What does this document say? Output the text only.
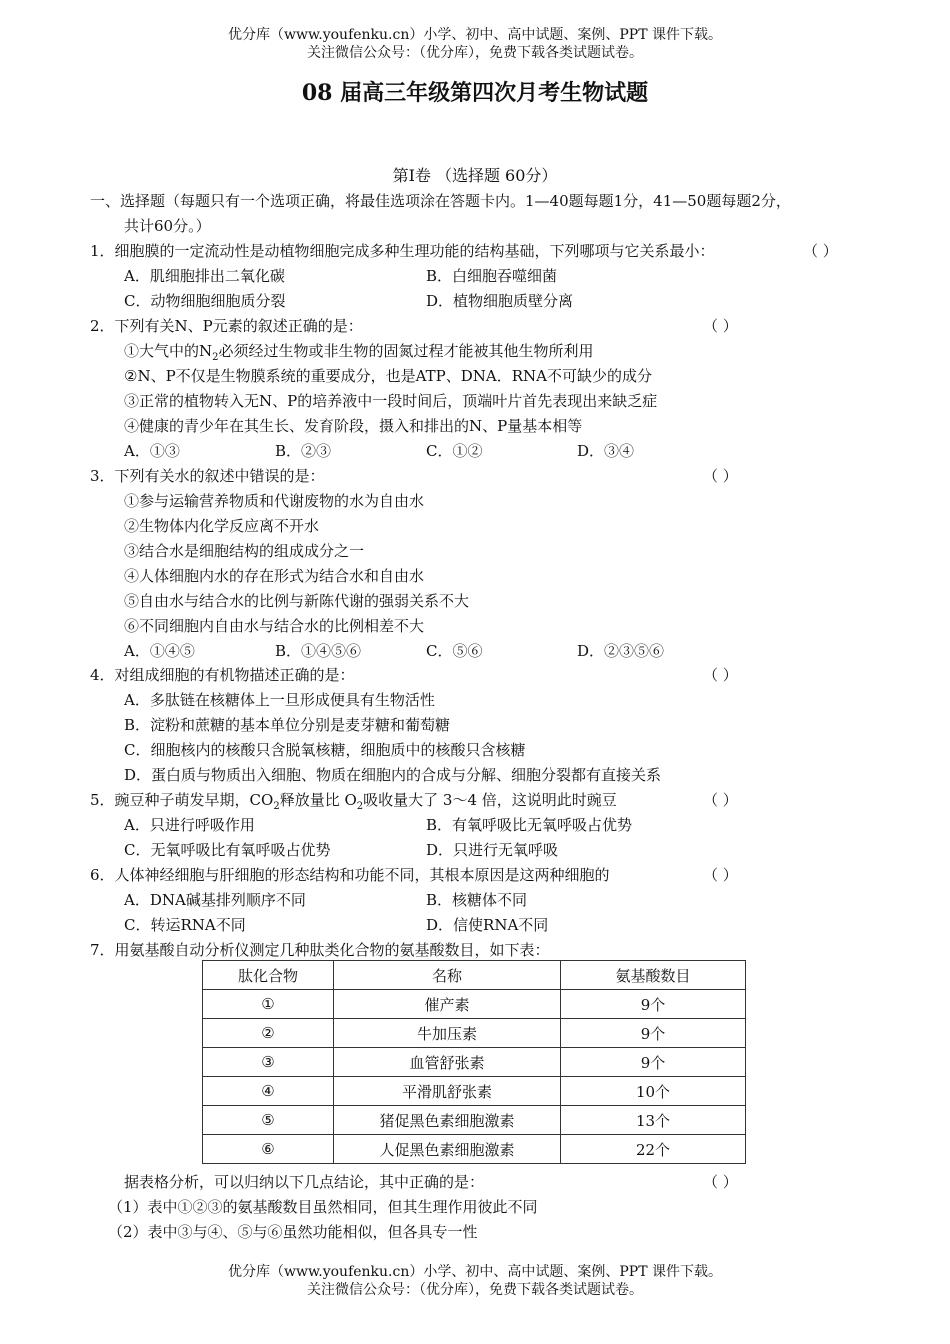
优分库（www.youfenku.cn）小学、初中、高中试题、案例、PPT 课件下载。
关注微信公众号：（优分库），免费下载各类试题试卷。
08 届高三年级第四次月考生物试题
第Ⅰ卷 （选择题 60分）
一、选择题（每题只有一个选项正确，将最佳选项涂在答题卡内。1—40题每题1分，41—50题每题2分，
共计60分。）
1．细胞膜的一定流动性是动植物细胞完成多种生理功能的结构基础，下列哪项与它关系最小：	（ ）
A．肌细胞排出二氧化碳	B．白细胞吞噬细菌
C．动物细胞细胞质分裂	D．植物细胞质壁分离
2．下列有关N、P元素的叙述正确的是：	（ ）
①大气中的$N_2$必须经过生物或非生物的固氮过程才能被其他生物所利用
②N、P不仅是生物膜系统的重要成分，也是ATP、DNA．RNA不可缺少的成分
③正常的植物转入无N、P的培养液中一段时间后，顶端叶片首先表现出来缺乏症
④健康的青少年在其生长、发育阶段，摄入和排出的N、P量基本相等
A．①③	B．②③	C．①②	D．③④
3．下列有关水的叙述中错误的是：	（ ）
①参与运输营养物质和代谢废物的水为自由水
②生物体内化学反应离不开水
③结合水是细胞结构的组成成分之一
④人体细胞内水的存在形式为结合水和自由水
⑤自由水与结合水的比例与新陈代谢的强弱关系不大
⑥不同细胞内自由水与结合水的比例相差不大
A．①④⑤	B．①④⑤⑥	C．⑤⑥	D．②③⑤⑥
4．对组成细胞的有机物描述正确的是：	（ ）
A．多肽链在核糖体上一旦形成便具有生物活性
B．淀粉和蔗糖的基本单位分别是麦芽糖和葡萄糖
C．细胞核内的核酸只含脱氧核糖，细胞质中的核酸只含核糖
D．蛋白质与物质出入细胞、物质在细胞内的合成与分解、细胞分裂都有直接关系
5．豌豆种子萌发早期，$CO_2$释放量比 $O_2$吸收量大了 3～4 倍，这说明此时豌豆	（ ）
A．只进行呼吸作用	B．有氧呼吸比无氧呼吸占优势
C．无氧呼吸比有氧呼吸占优势	D．只进行无氧呼吸
6．人体神经细胞与肝细胞的形态结构和功能不同，其根本原因是这两种细胞的	（ ）
A．DNA碱基排列顺序不同	B．核糖体不同
C．转运RNA不同	D．信使RNA不同
7．用氨基酸自动分析仪测定几种肽类化合物的氨基酸数目，如下表：
肽化合物	名称	氨基酸数目
①	催产素	9个
②	牛加压素	9个
③	血管舒张素	9个
④	平滑肌舒张素	10个
⑤	猪促黑色素细胞激素	13个
⑥	人促黑色素细胞激素	22个
据表格分析，可以归纳以下几点结论，其中正确的是：	（ ）
（1）表中①②③的氨基酸数目虽然相同，但其生理作用彼此不同
（2）表中③与④、⑤与⑥虽然功能相似，但各具专一性
优分库（www.youfenku.cn）小学、初中、高中试题、案例、PPT 课件下载。
关注微信公众号：（优分库），免费下载各类试题试卷。
